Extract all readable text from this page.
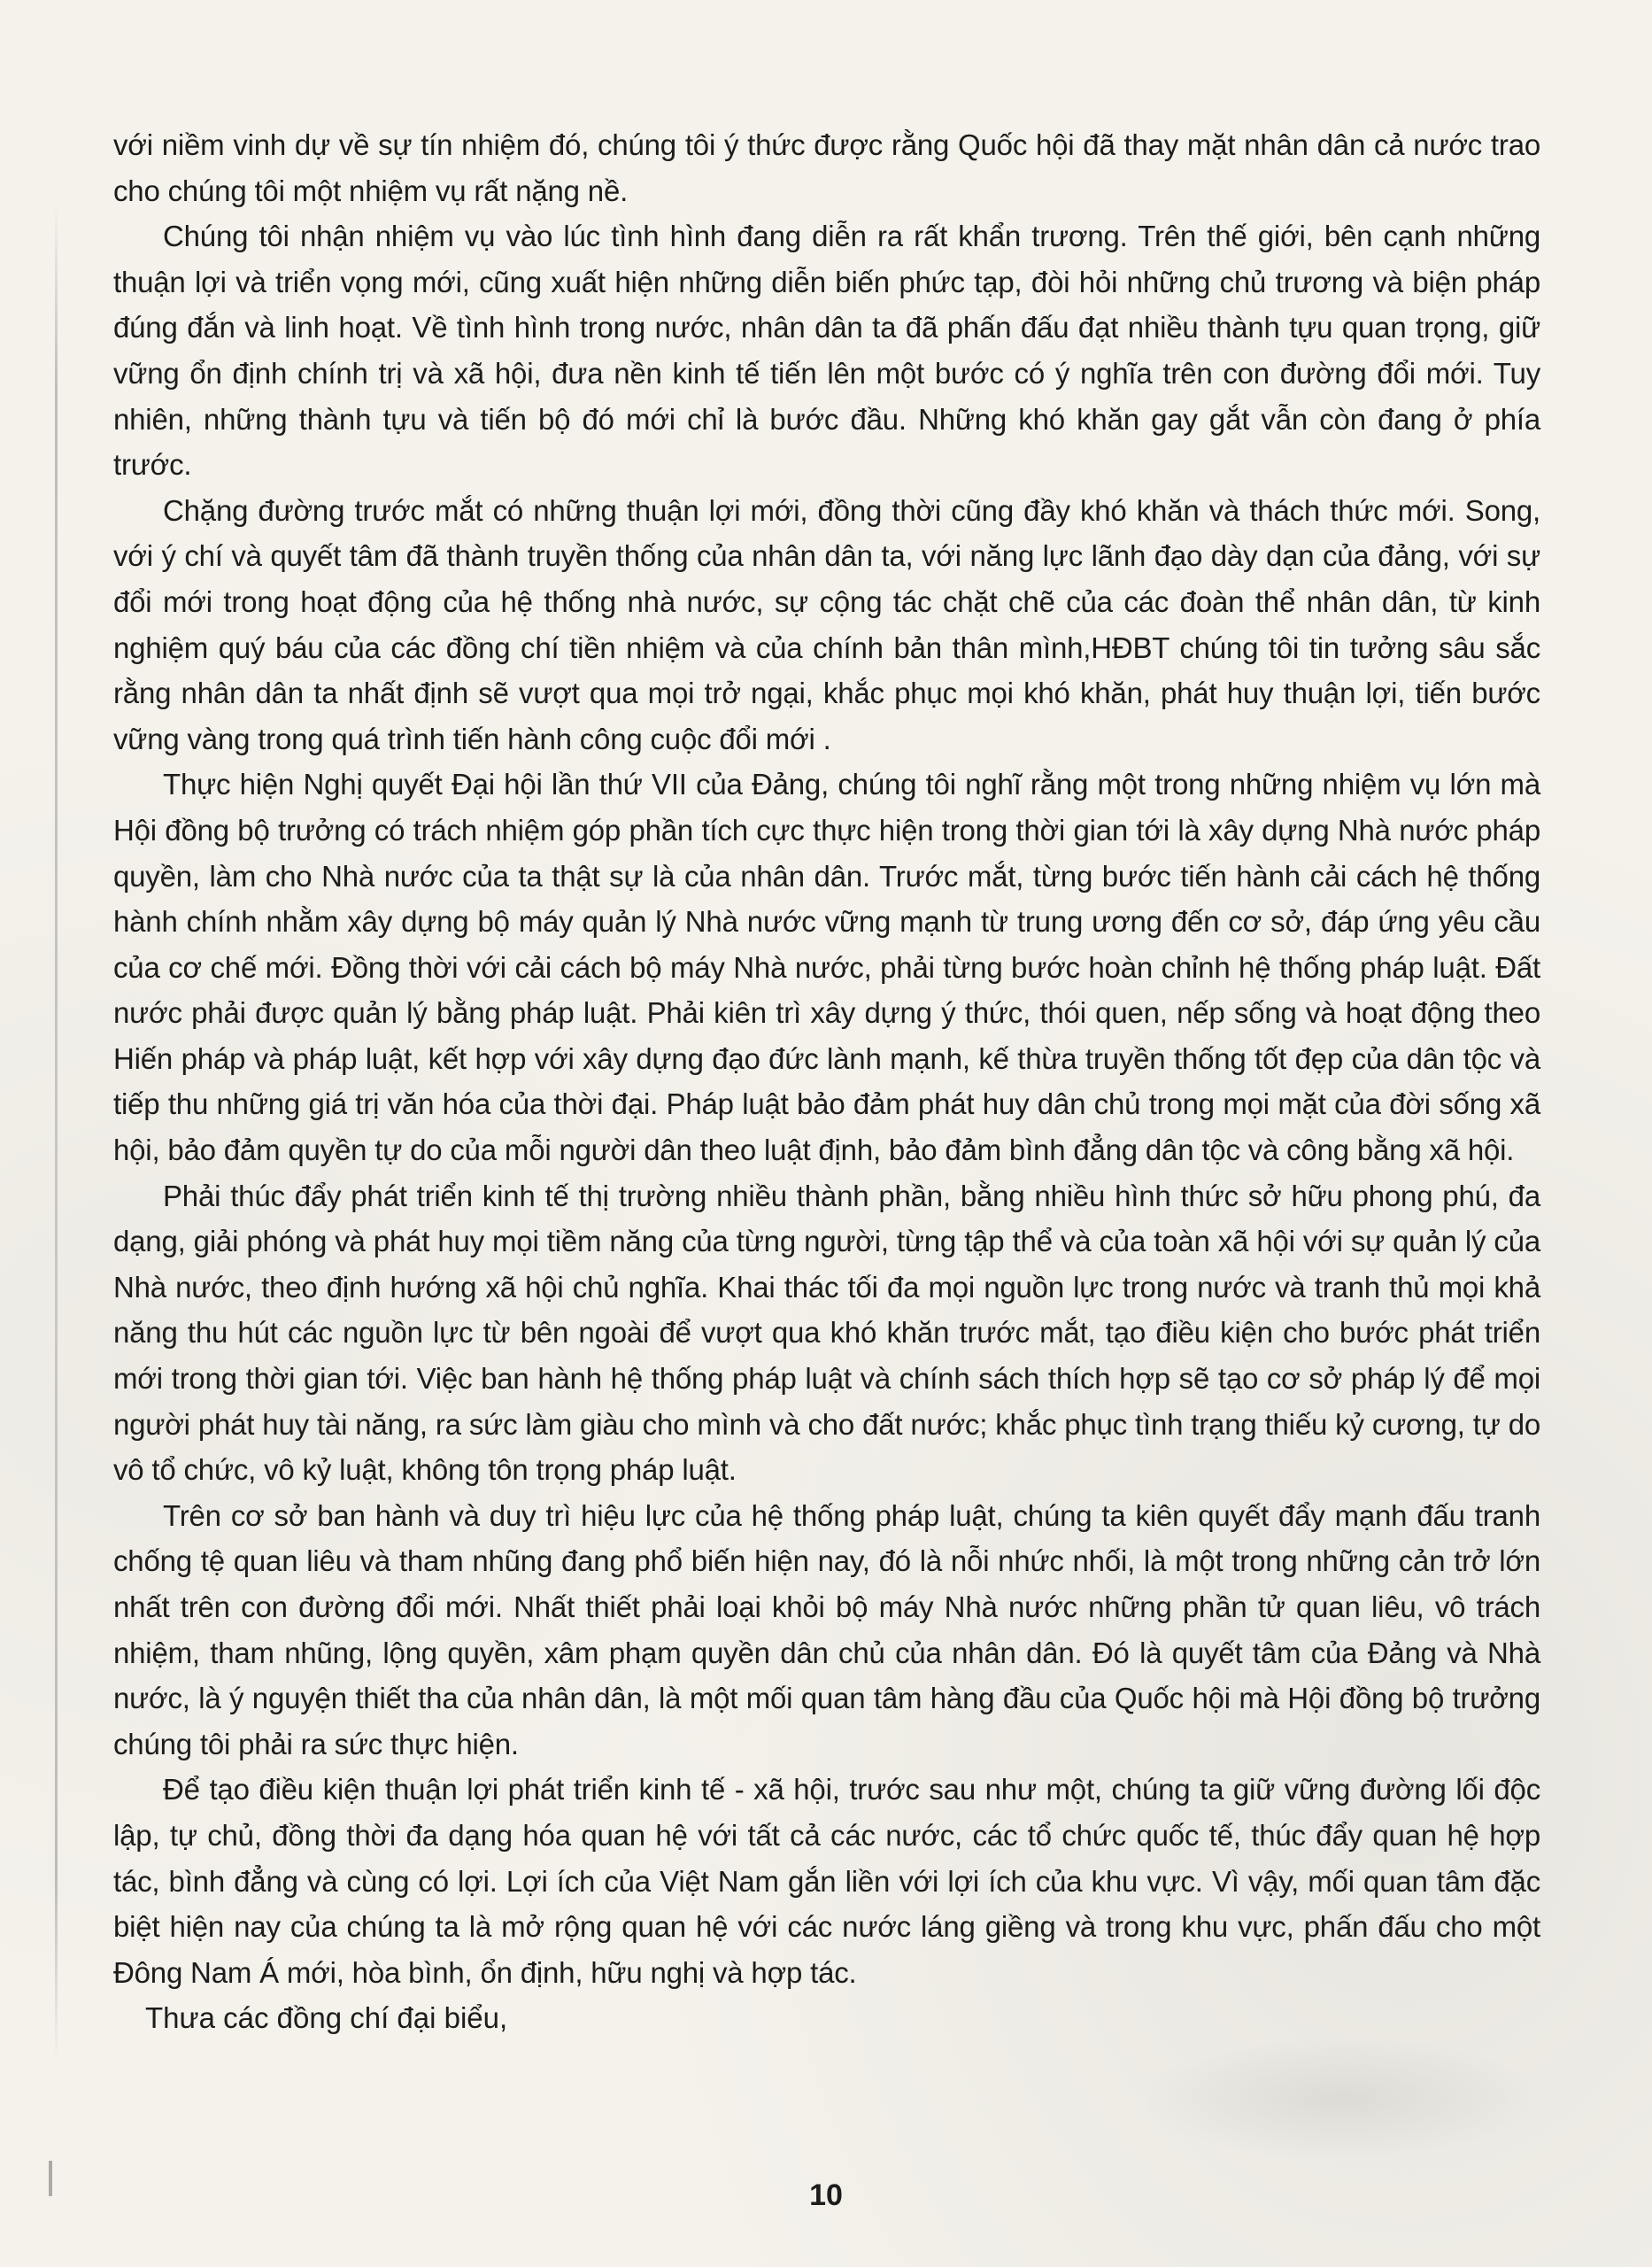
với niềm vinh dự về sự tín nhiệm đó, chúng tôi ý thức được rằng Quốc hội đã thay mặt nhân dân cả nước trao cho chúng tôi một nhiệm vụ rất nặng nề.

Chúng tôi nhận nhiệm vụ vào lúc tình hình đang diễn ra rất khẩn trương. Trên thế giới, bên cạnh những thuận lợi và triển vọng mới, cũng xuất hiện những diễn biến phức tạp, đòi hỏi những chủ trương và biện pháp đúng đắn và linh hoạt. Về tình hình trong nước, nhân dân ta đã phấn đấu đạt nhiều thành tựu quan trọng, giữ vững ổn định chính trị và xã hội, đưa nền kinh tế tiến lên một bước có ý nghĩa trên con đường đổi mới. Tuy nhiên, những thành tựu và tiến bộ đó mới chỉ là bước đầu. Những khó khăn gay gắt vẫn còn đang ở phía trước.

Chặng đường trước mắt có những thuận lợi mới, đồng thời cũng đầy khó khăn và thách thức mới. Song, với ý chí và quyết tâm đã thành truyền thống của nhân dân ta, với năng lực lãnh đạo dày dạn của đảng, với sự đổi mới trong hoạt động của hệ thống nhà nước, sự cộng tác chặt chẽ của các đoàn thể nhân dân, từ kinh nghiệm quý báu của các đồng chí tiền nhiệm và của chính bản thân mình,HĐBT chúng tôi tin tưởng sâu sắc rằng nhân dân ta nhất định sẽ vượt qua mọi trở ngại, khắc phục mọi khó khăn, phát huy thuận lợi, tiến bước vững vàng trong quá trình tiến hành công cuộc đổi mới .

Thực hiện Nghị quyết Đại hội lần thứ VII của Đảng, chúng tôi nghĩ rằng một trong những nhiệm vụ lớn mà Hội đồng bộ trưởng có trách nhiệm góp phần tích cực thực hiện trong thời gian tới là xây dựng Nhà nước pháp quyền, làm cho Nhà nước của ta thật sự là của nhân dân. Trước mắt, từng bước tiến hành cải cách hệ thống hành chính nhằm xây dựng bộ máy quản lý Nhà nước vững mạnh từ trung ương đến cơ sở, đáp ứng yêu cầu của cơ chế mới. Đồng thời với cải cách bộ máy Nhà nước, phải từng bước hoàn chỉnh hệ thống pháp luật. Đất nước phải được quản lý bằng pháp luật. Phải kiên trì xây dựng ý thức, thói quen, nếp sống và hoạt động theo Hiến pháp và pháp luật, kết hợp với xây dựng đạo đức lành mạnh, kế thừa truyền thống tốt đẹp của dân tộc và tiếp thu những giá trị văn hóa của thời đại. Pháp luật bảo đảm phát huy dân chủ trong mọi mặt của đời sống xã hội, bảo đảm quyền tự do của mỗi người dân theo luật định, bảo đảm bình đẳng dân tộc và công bằng xã hội.

Phải thúc đẩy phát triển kinh tế thị trường nhiều thành phần, bằng nhiều hình thức sở hữu phong phú, đa dạng, giải phóng và phát huy mọi tiềm năng của từng người, từng tập thể và của toàn xã hội với sự quản lý của Nhà nước, theo định hướng xã hội chủ nghĩa. Khai thác tối đa mọi nguồn lực trong nước và tranh thủ mọi khả năng thu hút các nguồn lực từ bên ngoài để vượt qua khó khăn trước mắt, tạo điều kiện cho bước phát triển mới trong thời gian tới. Việc ban hành hệ thống pháp luật và chính sách thích hợp sẽ tạo cơ sở pháp lý để mọi người phát huy tài năng, ra sức làm giàu cho mình và cho đất nước; khắc phục tình trạng thiếu kỷ cương, tự do vô tổ chức, vô kỷ luật, không tôn trọng pháp luật.

Trên cơ sở ban hành và duy trì hiệu lực của hệ thống pháp luật, chúng ta kiên quyết đẩy mạnh đấu tranh chống tệ quan liêu và tham nhũng đang phổ biến hiện nay, đó là nỗi nhức nhối, là một trong những cản trở lớn nhất trên con đường đổi mới. Nhất thiết phải loại khỏi bộ máy Nhà nước những phần tử quan liêu, vô trách nhiệm, tham nhũng, lộng quyền, xâm phạm quyền dân chủ của nhân dân. Đó là quyết tâm của Đảng và Nhà nước, là ý nguyện thiết tha của nhân dân, là một mối quan tâm hàng đầu của Quốc hội mà Hội đồng bộ trưởng chúng tôi phải ra sức thực hiện.

Để tạo điều kiện thuận lợi phát triển kinh tế - xã hội, trước sau như một, chúng ta giữ vững đường lối độc lập, tự chủ, đồng thời đa dạng hóa quan hệ với tất cả các nước, các tổ chức quốc tế, thúc đẩy quan hệ hợp tác, bình đẳng và cùng có lợi. Lợi ích của Việt Nam gắn liền với lợi ích của khu vực. Vì vậy, mối quan tâm đặc biệt hiện nay của chúng ta là mở rộng quan hệ với các nước láng giềng và trong khu vực, phấn đấu cho một Đông Nam Á mới, hòa bình, ổn định, hữu nghị và hợp tác.

Thưa các đồng chí đại biểu,

10
